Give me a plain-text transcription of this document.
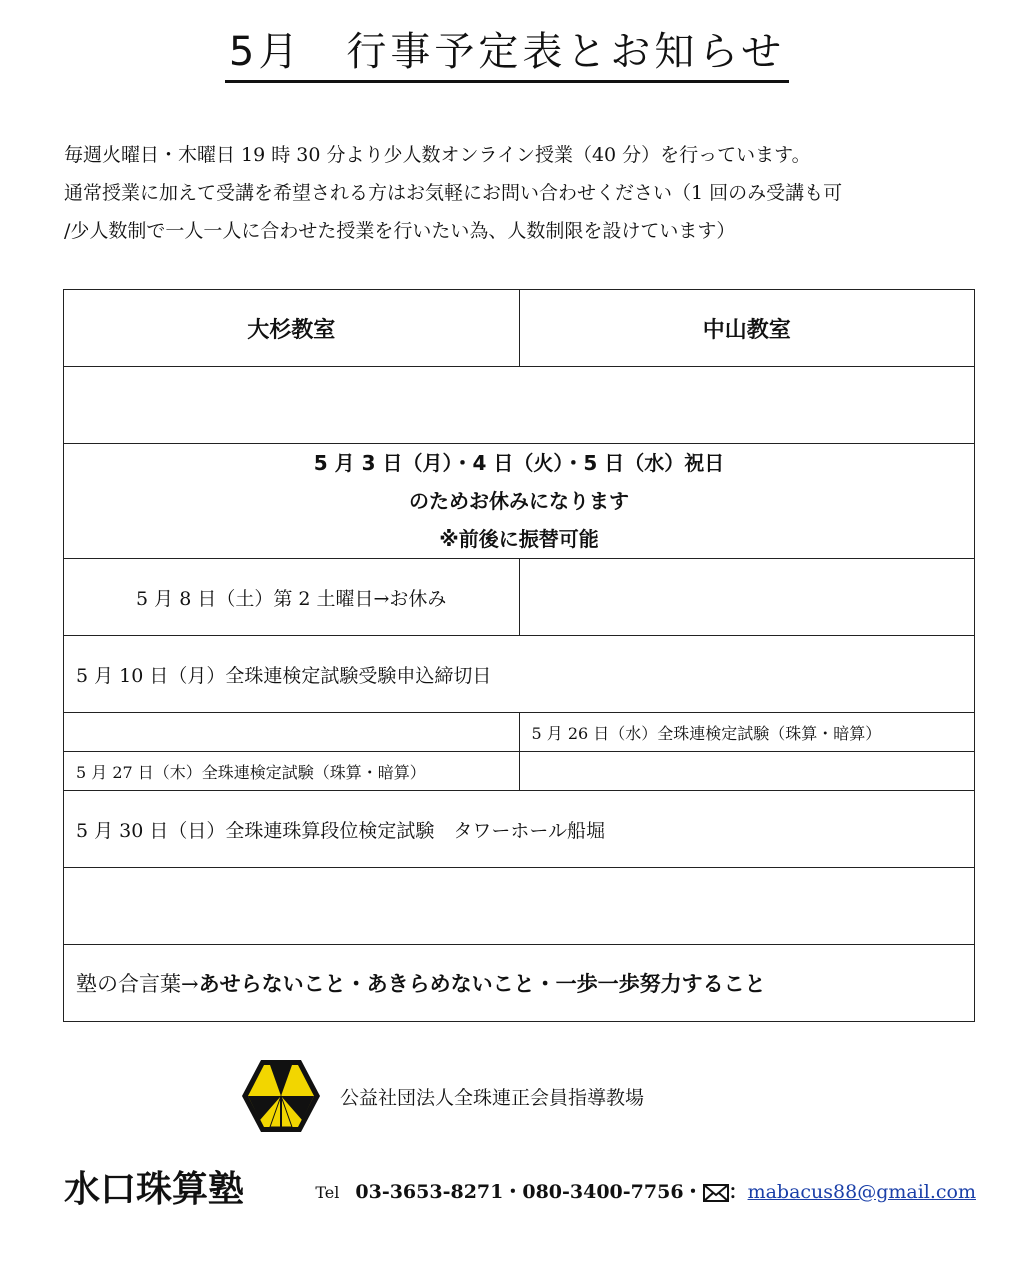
5月　行事予定表とお知らせ

毎週火曜日・木曜日 19 時 30 分より少人数オンライン授業（40 分）を行っています。

通常授業に加えて受講を希望される方はお気軽にお問い合わせください（1 回のみ受講も可

/少人数制で一人一人に合わせた授業を行いたい為、人数制限を設けています）

大杉教室	中山教室

5 月 3 日（月）・4 日（火）・5 日（水）祝日
のためお休みになります
※前後に振替可能	

5 月 8 日（土）第 2 土曜日→お休み	
5 月 10 日（月）全珠連検定試験受験申込締切日	
	5 月 26 日（水）全珠連検定試験（珠算・暗算）
5 月 27 日（木）全珠連検定試験（珠算・暗算）	
5 月 30 日（日）全珠連珠算段位検定試験　タワーホール船堀	

塾の合言葉→あせらないこと・あきらめないこと・一歩一歩努力すること	
公益社団法人全珠連正会員指導教場
水口珠算塾	Tel 03-3653-8271・080-3400-7756・ ：mabacus88@gmail.com
